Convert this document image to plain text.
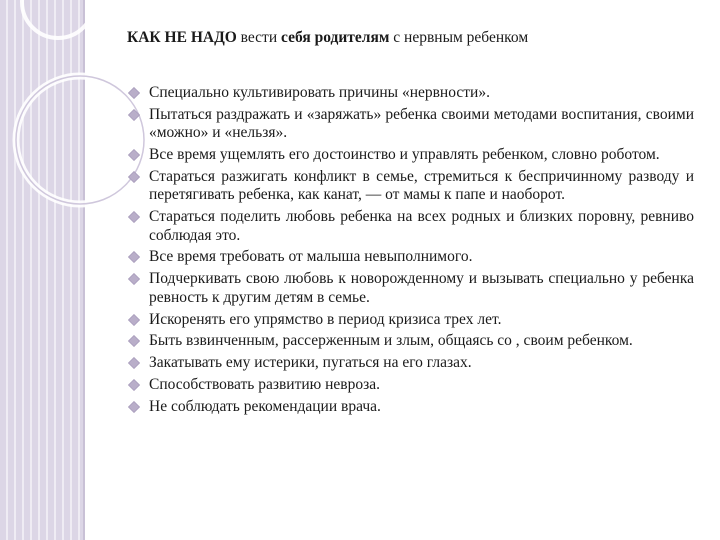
КАК НЕ НАДО вести себя родителям с нервным ребенком
Специально культивировать причины «нервности».
Пытаться раздражать и «заряжать» ребенка своими методами воспитания, своими «можно» и «нельзя».
Все время ущемлять его достоинство и управлять ребенком, словно роботом.
Стараться разжигать конфликт в семье, стремиться к беспричинному разводу и перетягивать ребенка, как канат, — от мамы к папе и наоборот.
Стараться поделить любовь ребенка на всех родных и близких поровну, ревниво соблюдая это.
Все время требовать от малыша невыполнимого.
Подчеркивать свою любовь к новорожденному и вызывать специально у ребенка ревность к другим детям в семье.
Искоренять его упрямство в период кризиса трех лет.
Быть взвинченным, рассерженным и злым, общаясь со , своим ребенком.
Закатывать ему истерики, пугаться на его глазах.
Способствовать развитию невроза.
Не соблюдать рекомендации врача.
